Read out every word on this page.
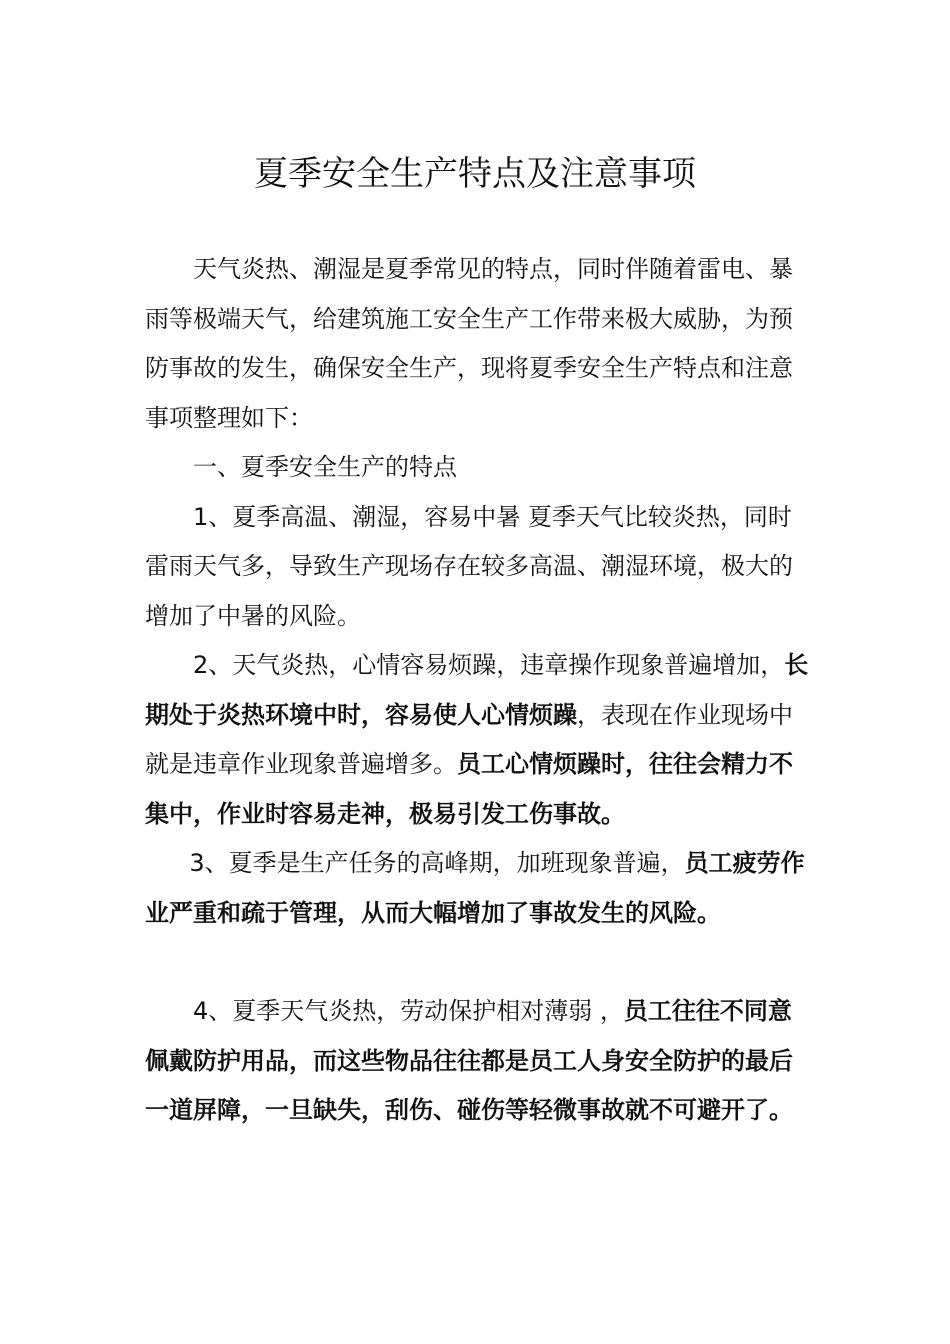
夏季安全生产特点及注意事项

天气炎热、潮湿是夏季常见的特点，同时伴随着雷电、暴雨等极端天气，给建筑施工安全生产工作带来极大威胁，为预防事故的发生，确保安全生产，现将夏季安全生产特点和注意事项整理如下：

一、夏季安全生产的特点

1、夏季高温、潮湿，容易中暑 夏季天气比较炎热，同时雷雨天气多，导致生产现场存在较多高温、潮湿环境，极大的增加了中暑的风险。

2、天气炎热，心情容易烦躁，违章操作现象普遍增加，长期处于炎热环境中时，容易使人心情烦躁，表现在作业现场中就是违章作业现象普遍增多。员工心情烦躁时，往往会精力不集中，作业时容易走神，极易引发工伤事故。

3、夏季是生产任务的高峰期，加班现象普遍，员工疲劳作业严重和疏于管理，从而大幅增加了事故发生的风险。

4、夏季天气炎热，劳动保护相对薄弱 ，员工往往不同意佩戴防护用品，而这些物品往往都是员工人身安全防护的最后一道屏障，一旦缺失，刮伤、碰伤等轻微事故就不可避开了。
